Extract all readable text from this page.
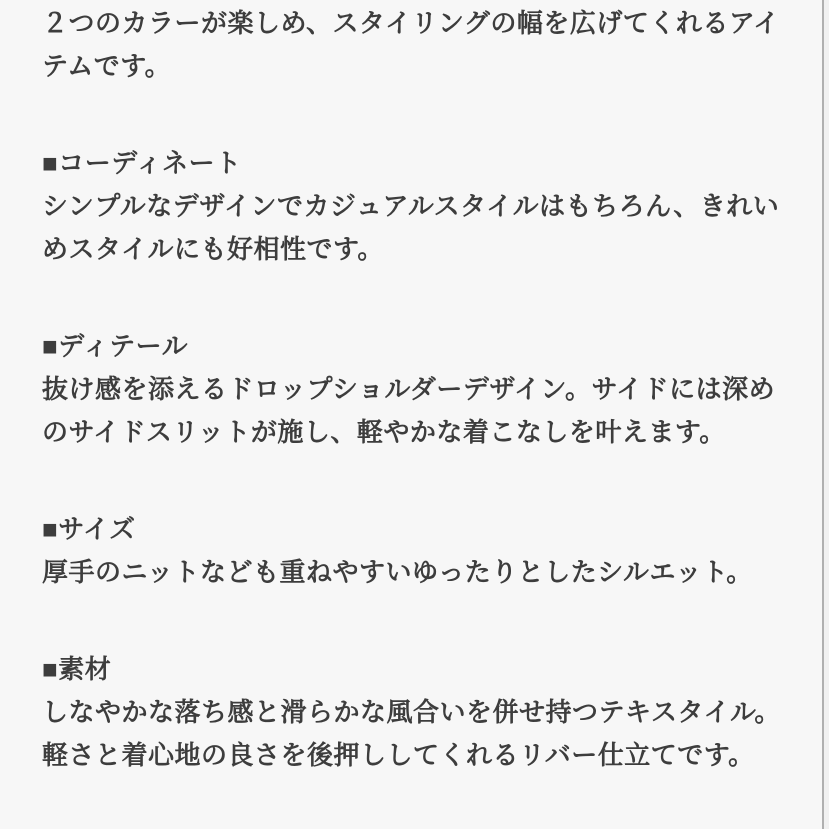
２つのカラーが楽しめ、スタイリングの幅を広げてくれるアイテムです。

■コーディネート

シンプルなデザインでカジュアルスタイルはもちろん、きれいめスタイルにも好相性です。

■ディテール

抜け感を添えるドロップショルダーデザイン。サイドには深めのサイドスリットが施し、軽やかな着こなしを叶えます。

■サイズ

厚手のニットなども重ねやすいゆったりとしたシルエット。

■素材

しなやかな落ち感と滑らかな風合いを併せ持つテキスタイル。軽さと着心地の良さを後押ししてくれるリバー仕立てです。
